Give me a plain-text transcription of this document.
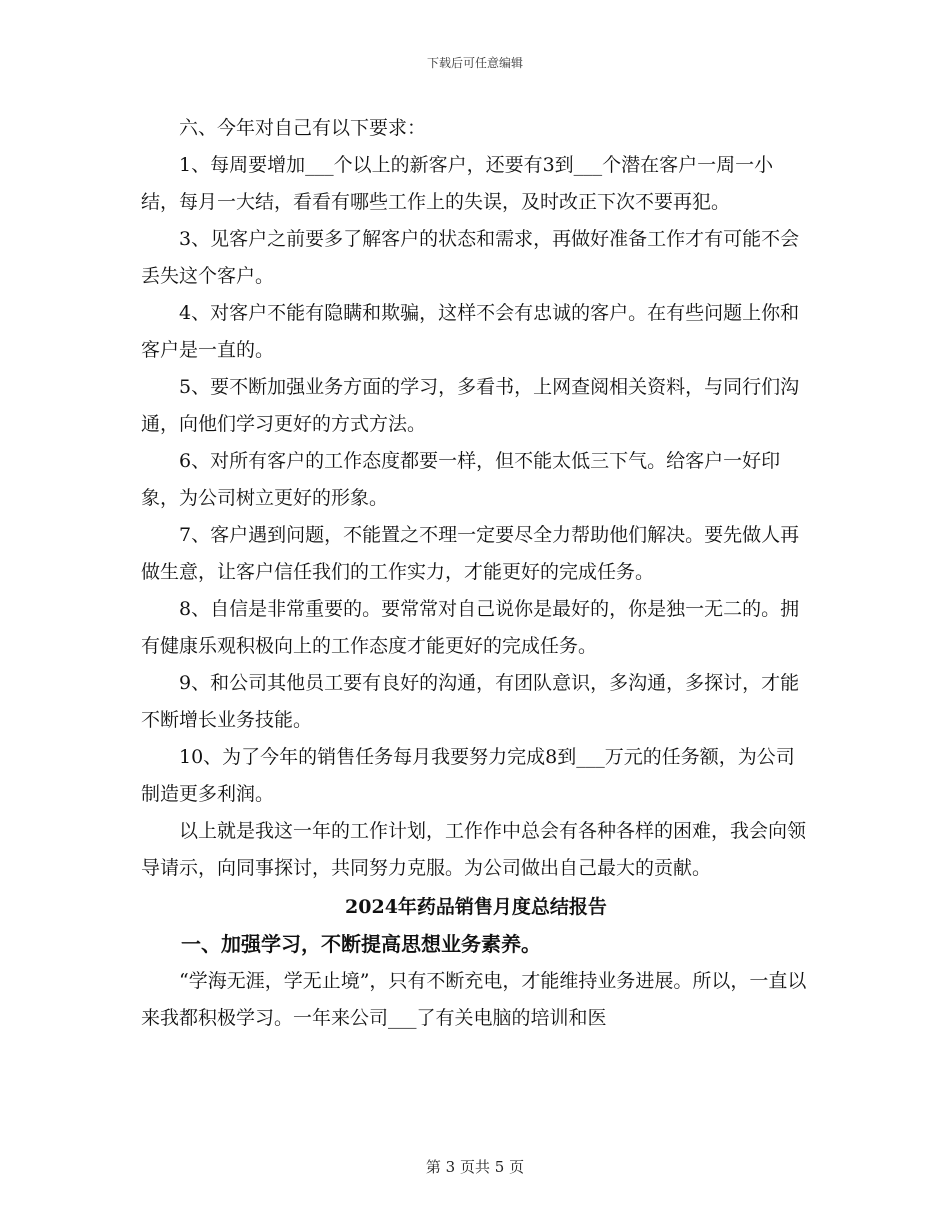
下载后可任意编辑

六、今年对自己有以下要求：

1、每周要增加___个以上的新客户，还要有3到___个潜在客户一周一小结，每月一大结，看看有哪些工作上的失误，及时改正下次不要再犯。

3、见客户之前要多了解客户的状态和需求，再做好准备工作才有可能不会丢失这个客户。

4、对客户不能有隐瞒和欺骗，这样不会有忠诚的客户。在有些问题上你和客户是一直的。

5、要不断加强业务方面的学习，多看书，上网查阅相关资料，与同行们沟通，向他们学习更好的方式方法。

6、对所有客户的工作态度都要一样，但不能太低三下气。给客户一好印象，为公司树立更好的形象。

7、客户遇到问题，不能置之不理一定要尽全力帮助他们解决。要先做人再做生意，让客户信任我们的工作实力，才能更好的完成任务。

8、自信是非常重要的。要常常对自己说你是最好的，你是独一无二的。拥有健康乐观积极向上的工作态度才能更好的完成任务。

9、和公司其他员工要有良好的沟通，有团队意识，多沟通，多探讨，才能不断增长业务技能。

10、为了今年的销售任务每月我要努力完成8到___万元的任务额，为公司制造更多利润。

以上就是我这一年的工作计划，工作作中总会有各种各样的困难，我会向领导请示，向同事探讨，共同努力克服。为公司做出自己最大的贡献。

2024年药品销售月度总结报告
一、加强学习，不断提高思想业务素养。

“学海无涯，学无止境”，只有不断充电，才能维持业务进展。所以，一直以来我都积极学习。一年来公司___了有关电脑的培训和医

第 3 页共 5 页
